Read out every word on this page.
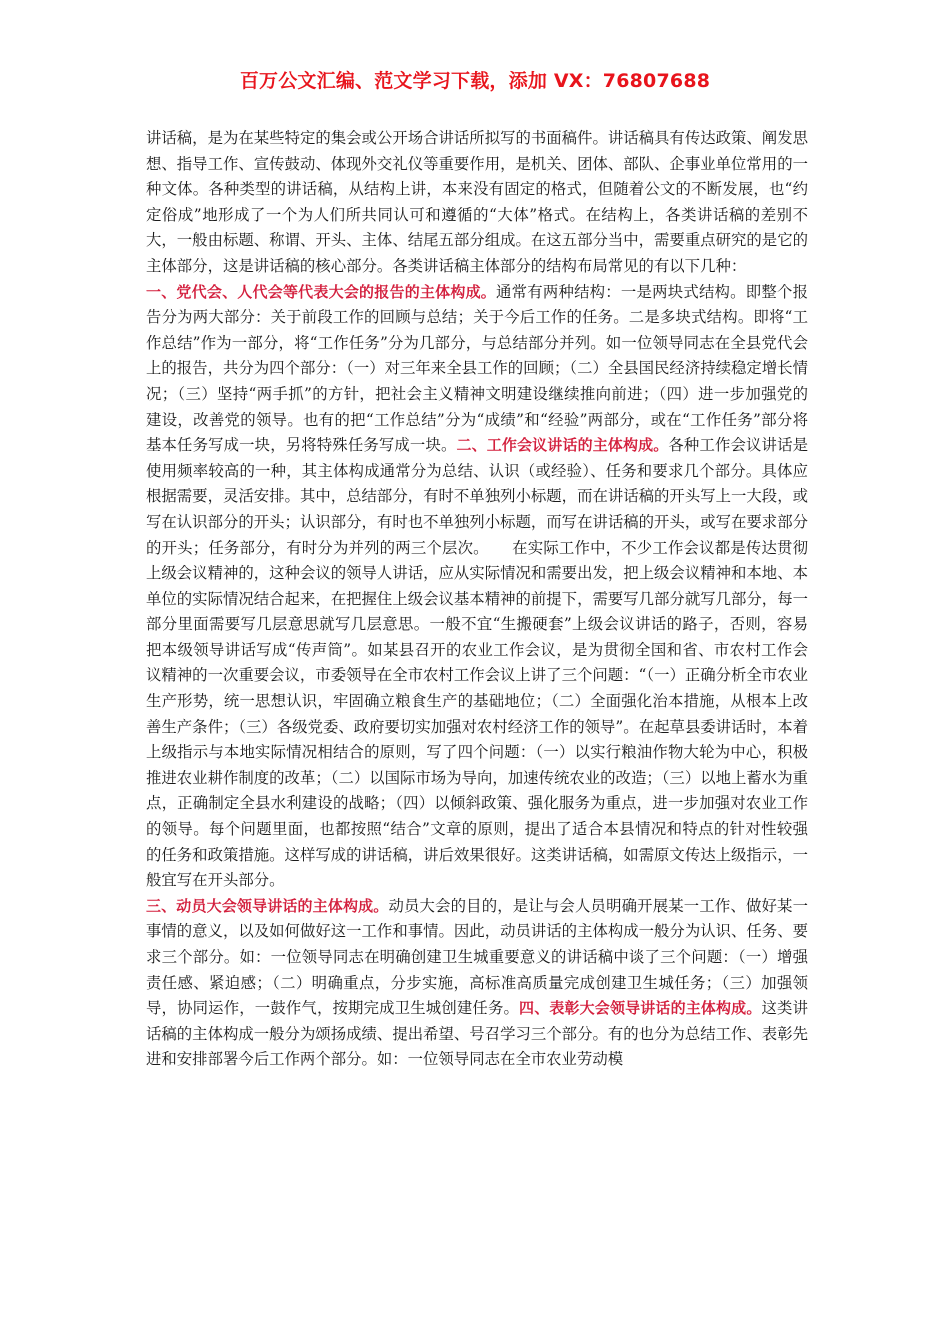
百万公文汇编、范文学习下载，添加 VX：76807688
讲话稿，是为在某些特定的集会或公开场合讲话所拟写的书面稿件。讲话稿具有传达政策、阐发思想、指导工作、宣传鼓动、体现外交礼仪等重要作用，是机关、团体、部队、企事业单位常用的一种文体。各种类型的讲话稿，从结构上讲，本来没有固定的格式，但随着公文的不断发展，也“约定俗成”地形成了一个为人们所共同认可和遵循的“大体”格式。在结构上，各类讲话稿的差别不大，一般由标题、称谓、开头、主体、结尾五部分组成。在这五部分当中，需要重点研究的是它的主体部分，这是讲话稿的核心部分。各类讲话稿主体部分的结构布局常见的有以下几种：
一、党代会、人代会等代表大会的报告的主体构成。通常有两种结构：一是两块式结构。即整个报告分为两大部分：关于前段工作的回顾与总结；关于今后工作的任务。二是多块式结构。即将“工作总结”作为一部分，将“工作任务”分为几部分，与总结部分并列。如一位领导同志在全县党代会上的报告，共分为四个部分：（一）对三年来全县工作的回顾；（二）全县国民经济持续稳定增长情况；（三）坚持“两手抓”的方针，把社会主义精神文明建设继续推向前进；（四）进一步加强党的建设，改善党的领导。也有的把“工作总结”分为“成绩”和“经验”两部分，或在“工作任务”部分将基本任务写成一块，另将特殊任务写成一块。二、工作会议讲话的主体构成。各种工作会议讲话是使用频率较高的一种，其主体构成通常分为总结、认识（或经验）、任务和要求几个部分。具体应根据需要，灵活安排。其中，总结部分，有时不单独列小标题，而在讲话稿的开头写上一大段，或写在认识部分的开头；认识部分，有时也不单独列小标题，而写在讲话稿的开头，或写在要求部分的开头；任务部分，有时分为并列的两三个层次。　　在实际工作中，不少工作会议都是传达贯彻上级会议精神的，这种会议的领导人讲话，应从实际情况和需要出发，把上级会议精神和本地、本单位的实际情况结合起来，在把握住上级会议基本精神的前提下，需要写几部分就写几部分，每一部分里面需要写几层意思就写几层意思。一般不宜“生搬硬套”上级会议讲话的路子，否则，容易把本级领导讲话写成“传声筒”。如某县召开的农业工作会议，是为贯彻全国和省、市农村工作会议精神的一次重要会议，市委领导在全市农村工作会议上讲了三个问题：“（一）正确分析全市农业生产形势，统一思想认识，牢固确立粮食生产的基础地位；（二）全面强化治本措施，从根本上改善生产条件；（三）各级党委、政府要切实加强对农村经济工作的领导”。在起草县委讲话时，本着上级指示与本地实际情况相结合的原则，写了四个问题：（一）以实行粮油作物大轮为中心，积极推进农业耕作制度的改革；（二）以国际市场为导向，加速传统农业的改造；（三）以地上蓄水为重点，正确制定全县水利建设的战略；（四）以倾斜政策、强化服务为重点，进一步加强对农业工作的领导。每个问题里面，也都按照“结合”文章的原则，提出了适合本县情况和特点的针对性较强的任务和政策措施。这样写成的讲话稿，讲后效果很好。这类讲话稿，如需原文传达上级指示，一般宜写在开头部分。
三、动员大会领导讲话的主体构成。动员大会的目的，是让与会人员明确开展某一工作、做好某一事情的意义，以及如何做好这一工作和事情。因此，动员讲话的主体构成一般分为认识、任务、要求三个部分。如：一位领导同志在明确创建卫生城重要意义的讲话稿中谈了三个问题：（一）增强责任感、紧迫感；（二）明确重点，分步实施，高标准高质量完成创建卫生城任务；（三）加强领导，协同运作，一鼓作气，按期完成卫生城创建任务。四、表彰大会领导讲话的主体构成。这类讲话稿的主体构成一般分为颂扬成绩、提出希望、号召学习三个部分。有的也分为总结工作、表彰先进和安排部署今后工作两个部分。如：一位领导同志在全市农业劳动模
